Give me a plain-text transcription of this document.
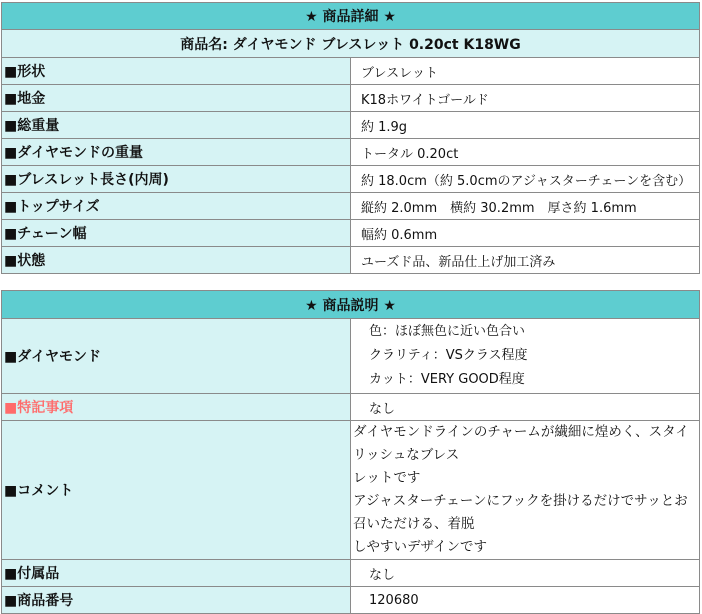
★ 商品詳細 ★	
商品名: ダイヤモンド ブレスレット 0.20ct K18WG	
■形状	ブレスレット
■地金	K18ホワイトゴールド
■総重量	約 1.9g
■ダイヤモンドの重量	トータル 0.20ct
■ブレスレット長さ(内周)	約 18.0cm（約 5.0cmのアジャスターチェーンを含む）
■トップサイズ	縦約 2.0mm　横約 30.2mm　厚さ約 1.6mm
■チェーン幅	幅約 0.6mm
■状態	ユーズド品、新品仕上げ加工済み
★ 商品説明 ★	
■ダイヤモンド	色：ほぼ無色に近い色合い
クラリティ：VSクラス程度
カット：VERY GOOD程度

■特記事項	なし
■コメント	ダイヤモンドラインのチャームが繊細に煌めく、スタイリッシュなブレス
レットです
アジャスターチェーンにフックを掛けるだけでサッとお召いただける、着脱
しやすいデザインです

■付属品	なし
■商品番号	120680
